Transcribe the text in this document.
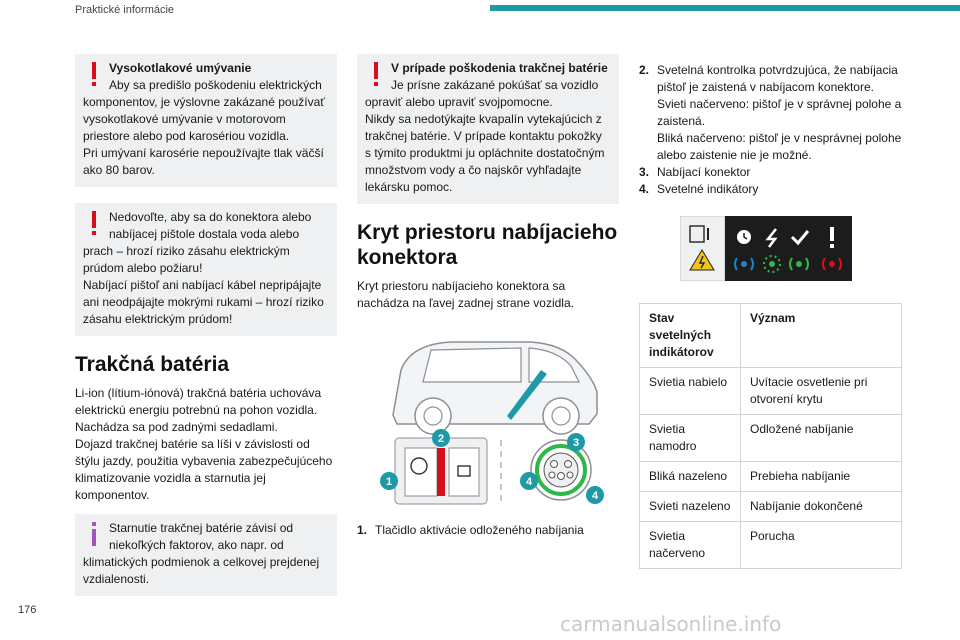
Praktické informácie

Vysokotlakové umývanie

Aby sa predišlo poškodeniu elektrických komponentov, je výslovne zakázané používať vysokotlakové umývanie v motorovom priestore alebo pod karosériou vozidla.

Pri umývaní karosérie nepoužívajte tlak väčší ako 80 barov.

Nedovoľte, aby sa do konektora alebo nabíjacej pištole dostala voda alebo prach – hrozí riziko zásahu elektrickým prúdom alebo požiaru!

Nabíjací pištoľ ani nabíjací kábel nepripájajte ani neodpájajte mokrými rukami – hrozí riziko zásahu elektrickým prúdom!

Trakčná batéria

Li-ion (lítium-iónová) trakčná batéria uchováva elektrickú energiu potrebnú na pohon vozidla.

Nachádza sa pod zadnými sedadlami.

Dojazd trakčnej batérie sa líši v závislosti od štýlu jazdy, použitia vybavenia zabezpečujúceho klimatizovanie vozidla a starnutia jej komponentov.

Starnutie trakčnej batérie závisí od niekoľkých faktorov, ako napr. od klimatických podmienok a celkovej prejdenej vzdialenosti.

V prípade poškodenia trakčnej batérie

Je prísne zakázané pokúšať sa vozidlo opraviť alebo upraviť svojpomocne.

Nikdy sa nedotýkajte kvapalín vytekajúcich z trakčnej batérie. V prípade kontaktu pokožky s týmito produktmi ju opláchnite dostatočným množstvom vody a čo najskôr vyhľadajte lekársku pomoc.

Kryt priestoru nabíjacieho konektora

Kryt priestoru nabíjacieho konektora sa nachádza na ľavej zadnej strane vozidla.

1
2	3
4
4
1. Tlačidlo aktivácie odloženého nabíjania
2. Svetelná kontrolka potvrdzujúca, že nabíjacia pištoľ je zaistená v nabíjacom konektore.
Svieti načerveno: pištoľ je v správnej polohe a zaistená.
Bliká načerveno: pištoľ je v nesprávnej polohe alebo zaistenie nie je možné.
3. Nabíjací konektor
4. Svetelné indikátory
Stav svetelných indikátorov	Význam
Svietia nabielo	Uvítacie osvetlenie pri otvorení krytu
Svietia namodro	Odložené nabíjanie
Bliká nazeleno	Prebieha nabíjanie
Svieti nazeleno	Nabíjanie dokončené
Svietia načerveno	Porucha
176
carmanualsonline.info
